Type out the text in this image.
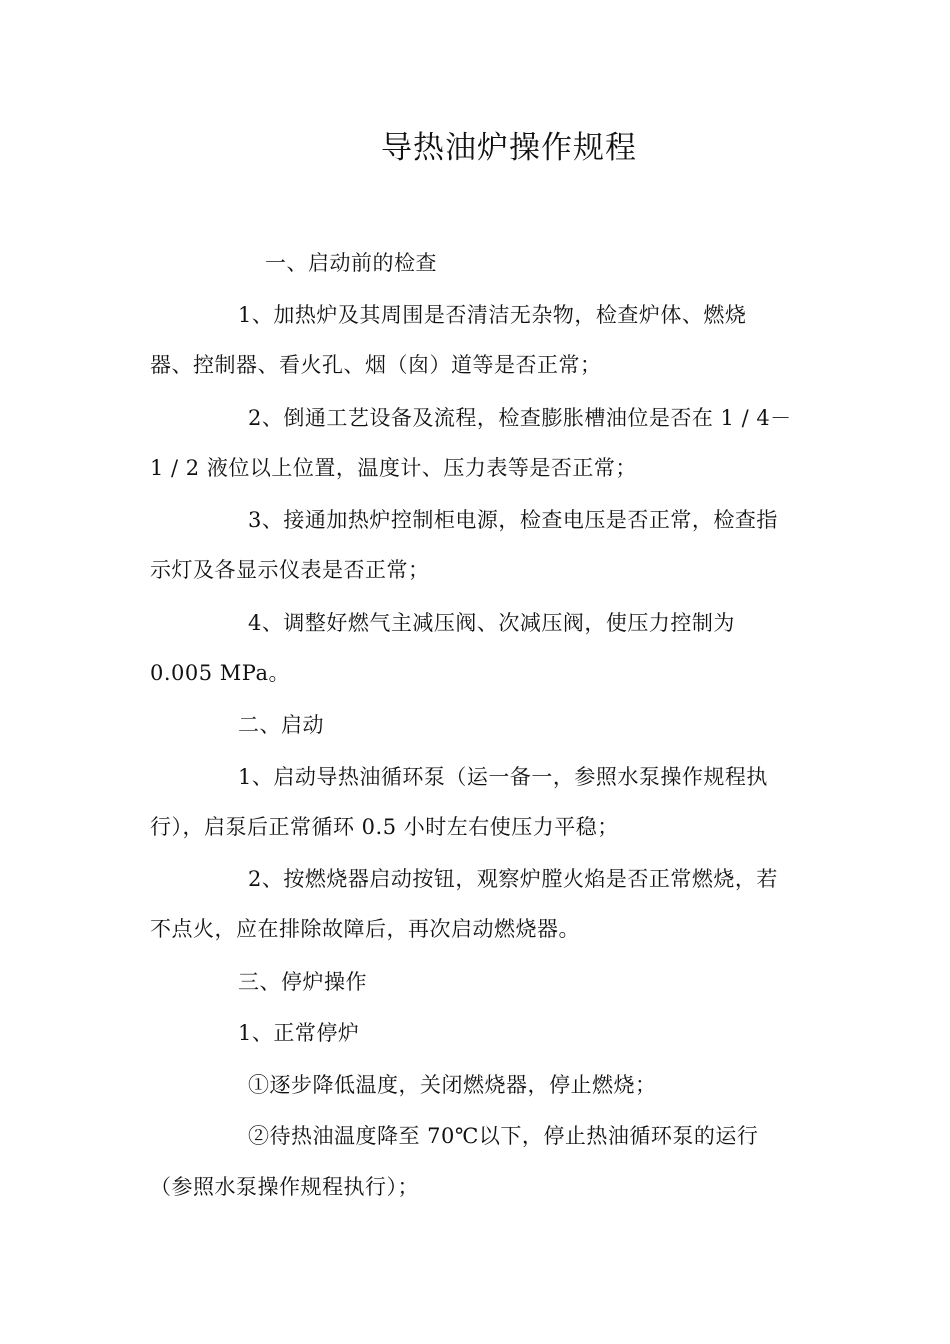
导热油炉操作规程
一、启动前的检查
1、加热炉及其周围是否清洁无杂物，检查炉体、燃烧
器、控制器、看火孔、烟（囱）道等是否正常；
2、倒通工艺设备及流程，检查膨胀槽油位是否在 1 / 4－
1 / 2 液位以上位置，温度计、压力表等是否正常；
3、接通加热炉控制柜电源，检查电压是否正常，检查指
示灯及各显示仪表是否正常；
4、调整好燃气主减压阀、次减压阀，使压力控制为
0.005 MPa。
二、启动
1、启动导热油循环泵（运一备一，参照水泵操作规程执
行），启泵后正常循环 0.5 小时左右使压力平稳；
2、按燃烧器启动按钮，观察炉膛火焰是否正常燃烧，若
不点火，应在排除故障后，再次启动燃烧器。
三、停炉操作
1、正常停炉
①逐步降低温度，关闭燃烧器，停止燃烧；
②待热油温度降至 70℃以下，停止热油循环泵的运行
（参照水泵操作规程执行）；
